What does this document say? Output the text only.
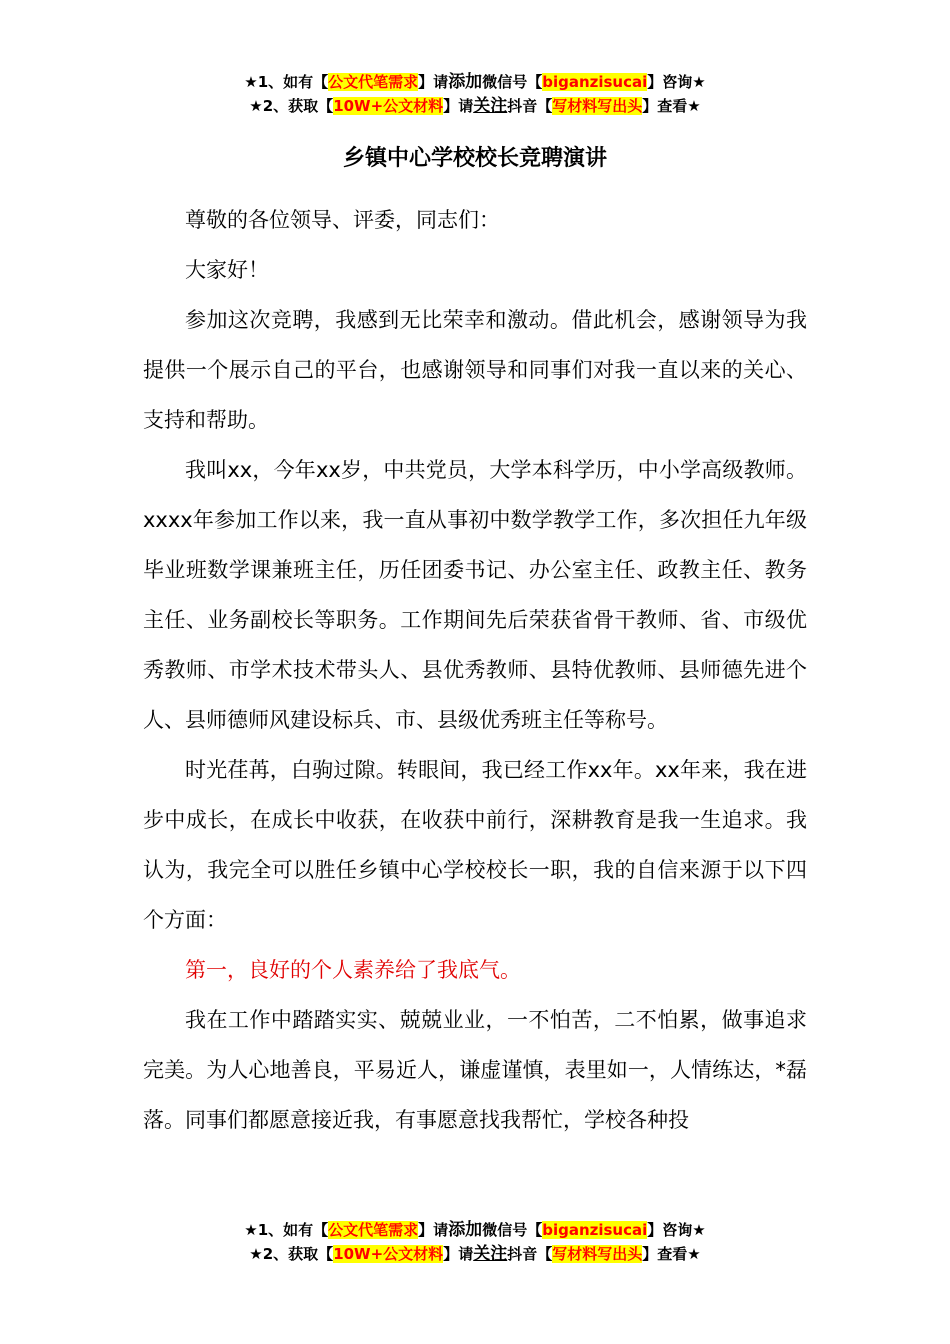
★1、如有【公文代笔需求】请添加微信号【biganzisucai】咨询★
★2、获取【10W+公文材料】请关注抖音【写材料写出头】查看★
乡镇中心学校校长竞聘演讲

尊敬的各位领导、评委，同志们：

大家好！

参加这次竞聘，我感到无比荣幸和激动。借此机会，感谢领导为我提供一个展示自己的平台，也感谢领导和同事们对我一直以来的关心、支持和帮助。

我叫xx，今年xx岁，中共党员，大学本科学历，中小学高级教师。xxxx年参加工作以来，我一直从事初中数学教学工作，多次担任九年级毕业班数学课兼班主任，历任团委书记、办公室主任、政教主任、教务主任、业务副校长等职务。工作期间先后荣获省骨干教师、省、市级优秀教师、市学术技术带头人、县优秀教师、县特优教师、县师德先进个人、县师德师风建设标兵、市、县级优秀班主任等称号。

时光荏苒，白驹过隙。转眼间，我已经工作xx年。xx年来，我在进步中成长，在成长中收获，在收获中前行，深耕教育是我一生追求。我认为，我完全可以胜任乡镇中心学校校长一职，我的自信来源于以下四个方面：

第一，良好的个人素养给了我底气。

我在工作中踏踏实实、兢兢业业，一不怕苦，二不怕累，做事追求完美。为人心地善良，平易近人，谦虚谨慎，表里如一，人情练达，*磊落。同事们都愿意接近我，有事愿意找我帮忙，学校各种投

★1、如有【公文代笔需求】请添加微信号【biganzisucai】咨询★
★2、获取【10W+公文材料】请关注抖音【写材料写出头】查看★
